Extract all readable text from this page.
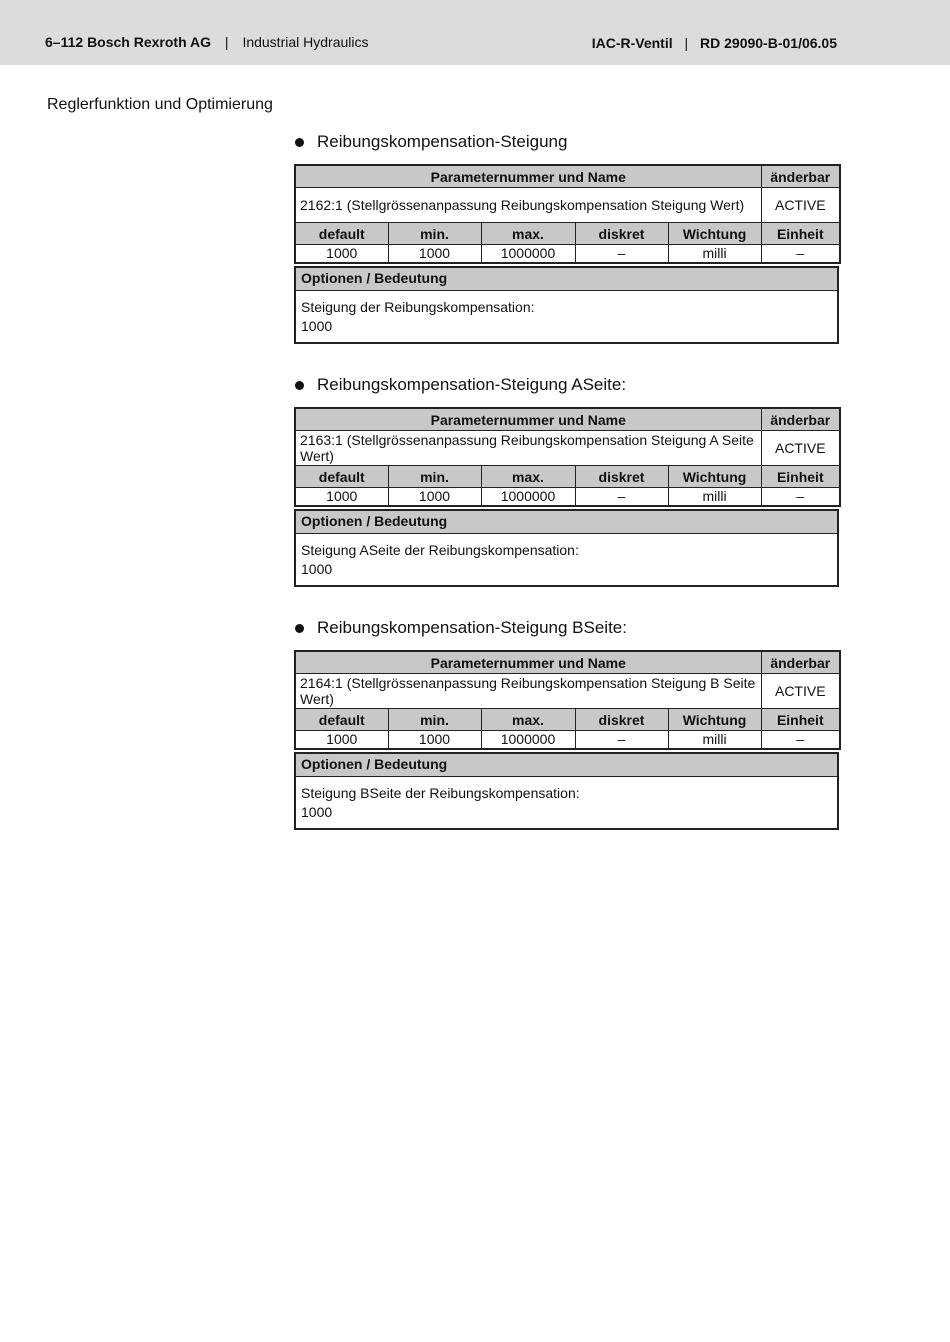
6–112 Bosch Rexroth AG | Industrial Hydraulics	IAC-R-Ventil | RD 29090-B-01/06.05
Reglerfunktion und Optimierung
Reibungskompensation-Steigung
Parameternummer und Name					änderbar
2162:1 (Stellgrössenanpassung Reibungskompensation Steigung Wert)					ACTIVE
default	min.	max.	diskret	Wichtung	Einheit
1000	1000	1000000	–	milli	–
Optionen / Bedeutung
Steigung der Reibungskompensation:
1000
Reibungskompensation-Steigung ASeite:
Parameternummer und Name					änderbar
2163:1 (Stellgrössenanpassung Reibungskompensation Steigung A Seite Wert)					ACTIVE
default	min.	max.	diskret	Wichtung	Einheit
1000	1000	1000000	–	milli	–
Optionen / Bedeutung
Steigung ASeite der Reibungskompensation:
1000
Reibungskompensation-Steigung BSeite:
Parameternummer und Name					änderbar
2164:1 (Stellgrössenanpassung Reibungskompensation Steigung B Seite Wert)					ACTIVE
default	min.	max.	diskret	Wichtung	Einheit
1000	1000	1000000	–	milli	–
Optionen / Bedeutung
Steigung BSeite der Reibungskompensation:
1000
